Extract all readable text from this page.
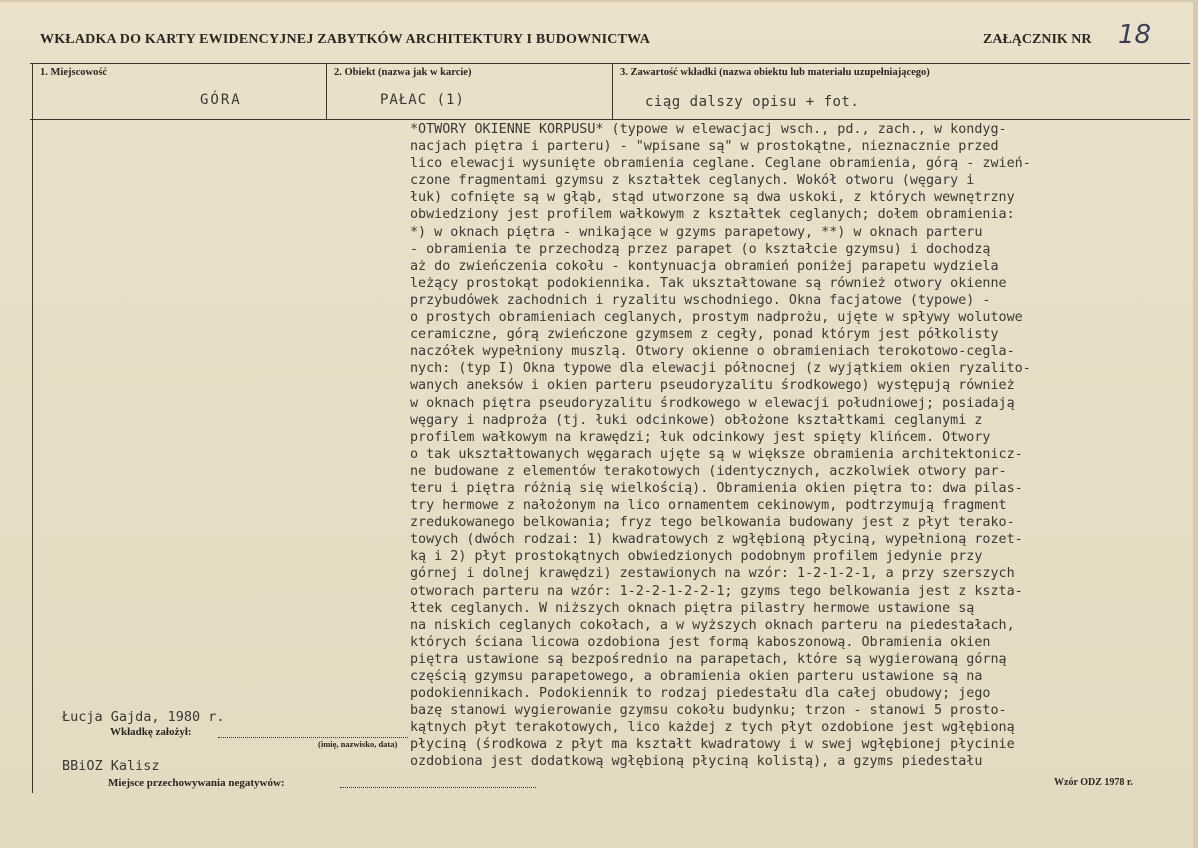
WKŁADKA DO KARTY EWIDENCYJNEJ ZABYTKÓW ARCHITEKTURY I BUDOWNICTWA	ZAŁĄCZNIK NR 18
1. Miejscowość
GÓRA
2. Obiekt (nazwa jak w karcie)
PAŁAC (1)
3. Zawartość wkładki (nazwa obiektu lub materiału uzupełniającego)
ciąg dalszy opisu + fot.
*OTWORY OKIENNE KORPUSU* (typowe w elewacjacj wsch., pd., zach., w kondyg-
nacjach piętra i parteru) - "wpisane są" w prostokątne, nieznacznie przed
lico elewacji wysunięte obramienia ceglane. Ceglane obramienia, górą - zwień-
czone fragmentami gzymsu z kształtek ceglanych. Wokół otworu (węgary i
łuk) cofnięte są w głąb, stąd utworzone są dwa uskoki, z których wewnętrzny
obwiedziony jest profilem wałkowym z kształtek ceglanych; dołem obramienia:
*) w oknach piętra - wnikające w gzyms parapetowy, **) w oknach parteru
- obramienia te przechodzą przez parapet (o kształcie gzymsu) i dochodzą
aż do zwieńczenia cokołu - kontynuacja obramień poniżej parapetu wydziela
leżący prostokąt podokiennika. Tak ukształtowane są również otwory okienne
przybudówek zachodnich i ryzalitu wschodniego. Okna facjatowe (typowe) -
o prostych obramieniach ceglanych, prostym nadprożu, ujęte w spływy wolutowe
ceramiczne, górą zwieńczone gzymsem z cegły, ponad którym jest półkolisty
naczółek wypełniony muszlą. Otwory okienne o obramieniach terokotowo-cegla-
nych: (typ I) Okna typowe dla elewacji północnej (z wyjątkiem okien ryzalito-
wanych aneksów i okien parteru pseudoryzalitu środkowego) występują również
w oknach piętra pseudoryzalitu środkowego w elewacji południowej; posiadają
węgary i nadproża (tj. łuki odcinkowe) obłożone kształtkami ceglanymi z
profilem wałkowym na krawędzi; łuk odcinkowy jest spięty klińcem. Otwory
o tak ukształtowanych węgarach ujęte są w większe obramienia architektonicz-
ne budowane z elementów terakotowych (identycznych, aczkolwiek otwory par-
teru i piętra różnią się wielkością). Obramienia okien piętra to: dwa pilas-
try hermowe z nałożonym na lico ornamentem cekinowym, podtrzymują fragment
zredukowanego belkowania; fryz tego belkowania budowany jest z płyt terako-
towych (dwóch rodzai: 1) kwadratowych z wgłębioną płyciną, wypełnioną rozet-
ką i 2) płyt prostokątnych obwiedzionych podobnym profilem jedynie przy
górnej i dolnej krawędzi) zestawionych na wzór: 1-2-1-2-1, a przy szerszych
otworach parteru na wzór: 1-2-2-1-2-2-1; gzyms tego belkowania jest z kszta-
łtek ceglanych. W niższych oknach piętra pilastry hermowe ustawione są
na niskich ceglanych cokołach, a w wyższych oknach parteru na piedestałach,
których ściana licowa ozdobiona jest formą kaboszonową. Obramienia okien
piętra ustawione są bezpośrednio na parapetach, które są wygierowaną górną
częścią gzymsu parapetowego, a obramienia okien parteru ustawione są na
podokiennikach. Podokiennik to rodzaj piedestału dla całej obudowy; jego
bazę stanowi wygierowanie gzymsu cokołu budynku; trzon - stanowi 5 prosto-
kątnych płyt terakotowych, lico każdej z tych płyt ozdobione jest wgłębioną
płyciną (środkowa z płyt ma kształt kwadratowy i w swej wgłębionej płycinie
ozdobiona jest dodatkową wgłębioną płyciną kolistą), a gzyms piedestału
Łucja Gajda, 1980 r.
Wkładkę założył:
(imię, nazwisko, data)
BBiOZ Kalisz
Miejsce przechowywania negatywów:	Wzór ODZ 1978 r.
